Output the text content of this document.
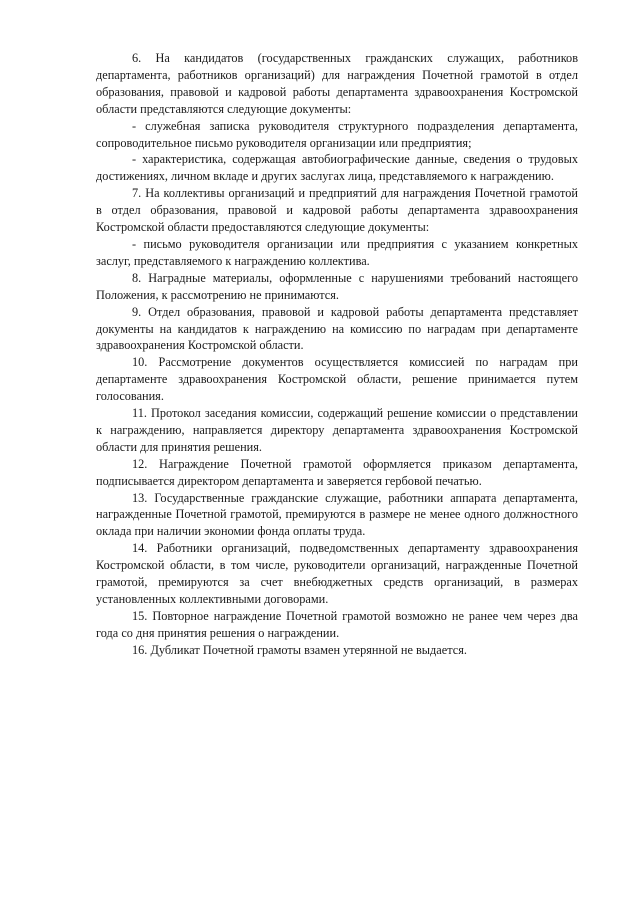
6. На кандидатов (государственных гражданских служащих, работников департамента, работников организаций) для награждения Почетной грамотой в отдел образования, правовой и кадровой работы департамента здравоохранения Костромской области представляются следующие документы:

- служебная записка руководителя структурного подразделения департамента, сопроводительное письмо руководителя организации или предприятия;

- характеристика, содержащая автобиографические данные, сведения о трудовых достижениях, личном вкладе и других заслугах лица, представляемого к награждению.

7. На коллективы организаций и предприятий для награждения Почетной грамотой в отдел образования, правовой и кадровой работы департамента здравоохранения Костромской области предоставляются следующие документы:

- письмо руководителя организации или предприятия с указанием конкретных заслуг, представляемого к награждению коллектива.

8. Наградные материалы, оформленные с нарушениями требований настоящего Положения, к рассмотрению не принимаются.

9. Отдел образования, правовой и кадровой работы департамента представляет документы на кандидатов к награждению на комиссию по наградам при департаменте здравоохранения Костромской области.

10. Рассмотрение документов осуществляется комиссией по наградам при департаменте здравоохранения Костромской области, решение принимается путем голосования.

11. Протокол заседания комиссии, содержащий решение комиссии о представлении к награждению, направляется директору департамента здравоохранения Костромской области для принятия решения.

12. Награждение Почетной грамотой оформляется приказом департамента, подписывается директором департамента и заверяется гербовой печатью.

13. Государственные гражданские служащие, работники аппарата департамента, награжденные Почетной грамотой, премируются в размере не менее одного должностного оклада при наличии экономии фонда оплаты труда.

14. Работники организаций, подведомственных департаменту здравоохранения Костромской области, в том числе, руководители организаций, награжденные Почетной грамотой, премируются за счет внебюджетных средств организаций, в размерах установленных коллективными договорами.

15. Повторное награждение Почетной грамотой возможно не ранее чем через два года со дня принятия решения о награждении.

16. Дубликат Почетной грамоты взамен утерянной не выдается.
